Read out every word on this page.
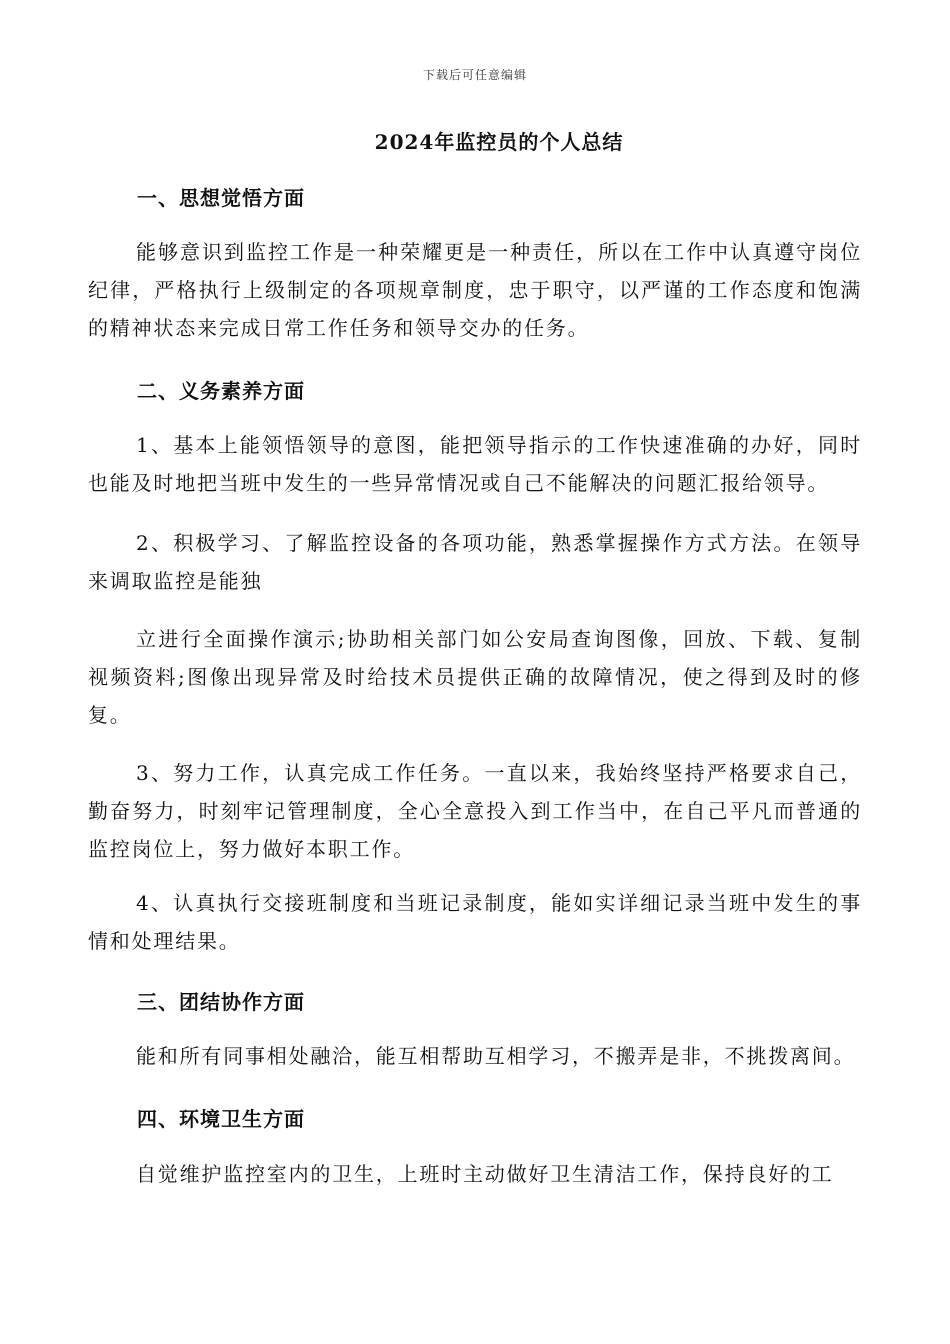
下载后可任意编辑
2024年监控员的个人总结
一、思想觉悟方面

能够意识到监控工作是一种荣耀更是一种责任，所以在工作中认真遵守岗位纪律，严格执行上级制定的各项规章制度，忠于职守，以严谨的工作态度和饱满的精神状态来完成日常工作任务和领导交办的任务。

二、义务素养方面

1、基本上能领悟领导的意图，能把领导指示的工作快速准确的办好，同时也能及时地把当班中发生的一些异常情况或自己不能解决的问题汇报给领导。

2、积极学习、了解监控设备的各项功能，熟悉掌握操作方式方法。在领导来调取监控是能独

立进行全面操作演示;协助相关部门如公安局查询图像，回放、下载、复制视频资料;图像出现异常及时给技术员提供正确的故障情况，使之得到及时的修复。

3、努力工作，认真完成工作任务。一直以来，我始终坚持严格要求自己，勤奋努力，时刻牢记管理制度，全心全意投入到工作当中，在自己平凡而普通的监控岗位上，努力做好本职工作。

4、认真执行交接班制度和当班记录制度，能如实详细记录当班中发生的事情和处理结果。

三、团结协作方面

能和所有同事相处融洽，能互相帮助互相学习，不搬弄是非，不挑拨离间。

四、环境卫生方面

自觉维护监控室内的卫生，上班时主动做好卫生清洁工作，保持良好的工
